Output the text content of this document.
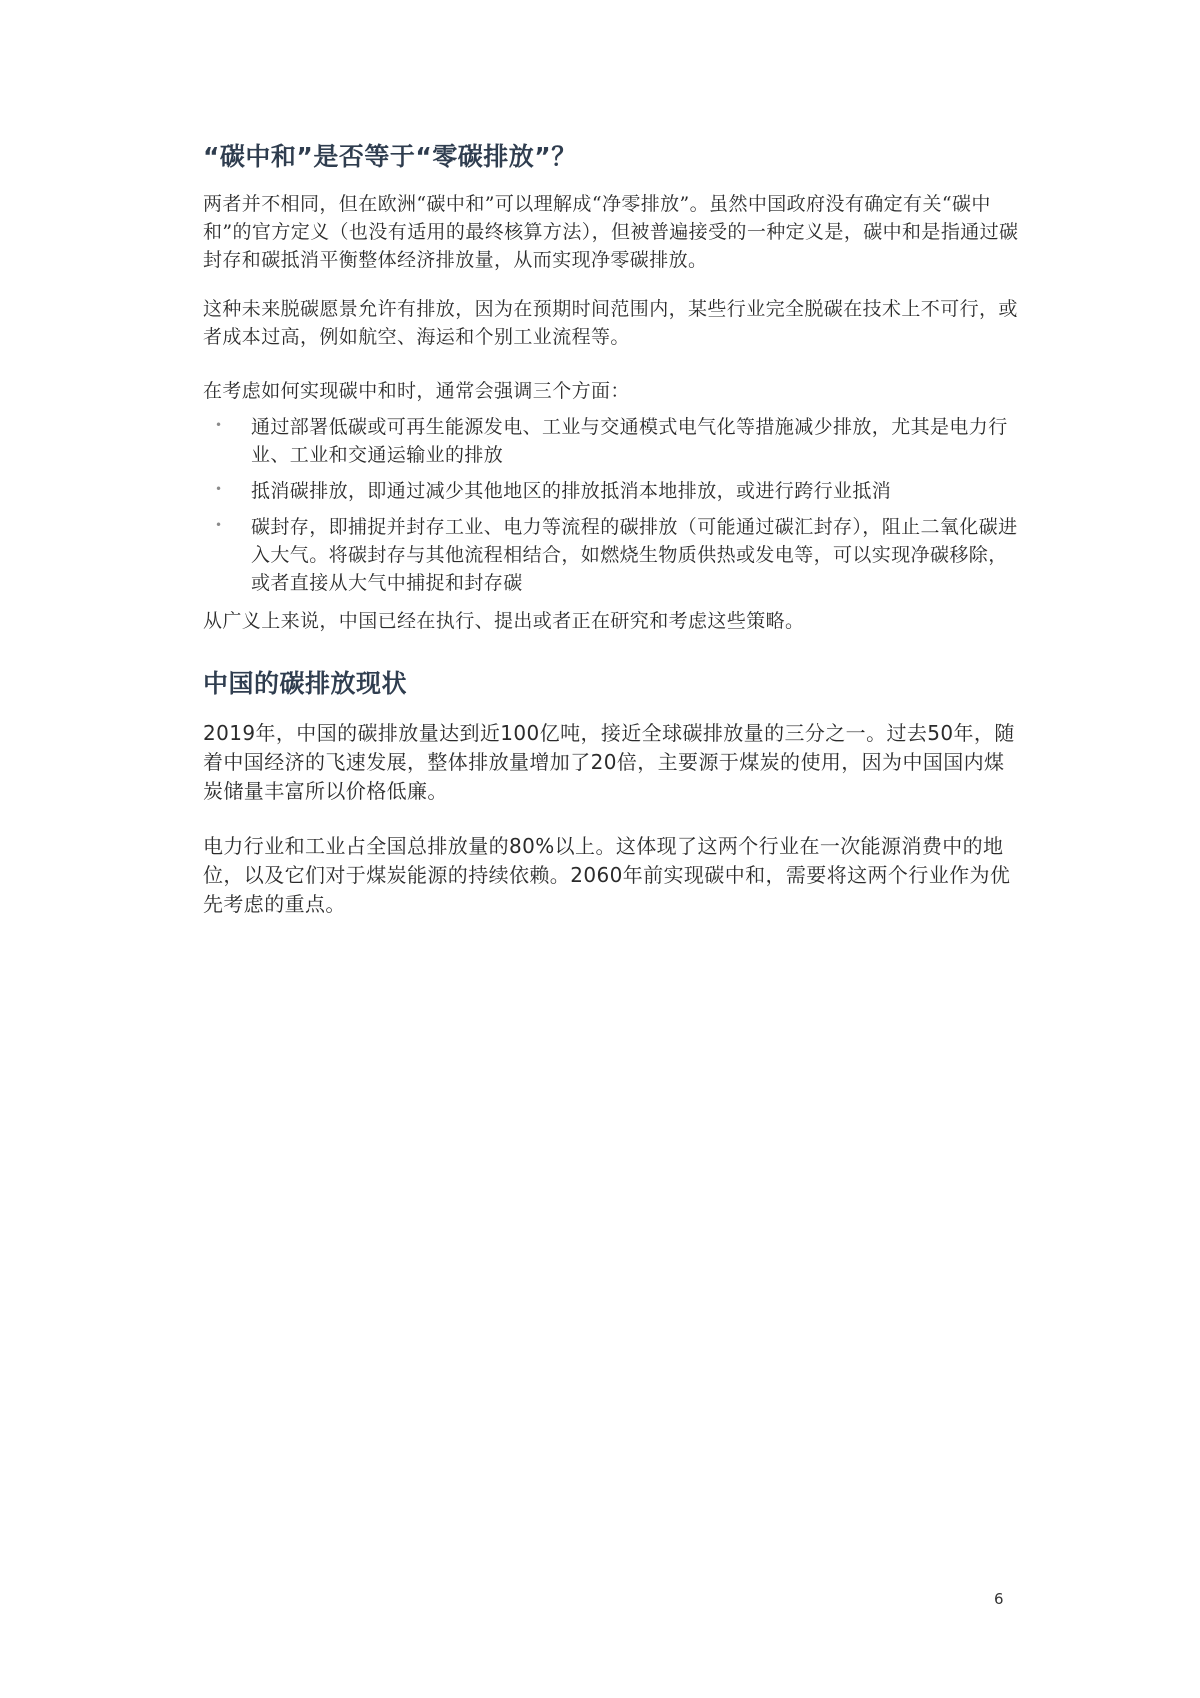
“碳中和”是否等于“零碳排放”？

两者并不相同，但在欧洲“碳中和”可以理解成“净零排放”。虽然中国政府没有确定有关“碳中和”的官方定义（也没有适用的最终核算方法），但被普遍接受的一种定义是，碳中和是指通过碳封存和碳抵消平衡整体经济排放量，从而实现净零碳排放。

这种未来脱碳愿景允许有排放，因为在预期时间范围内，某些行业完全脱碳在技术上不可行，或者成本过高，例如航空、海运和个别工业流程等。

在考虑如何实现碳中和时，通常会强调三个方面：

• 通过部署低碳或可再生能源发电、工业与交通模式电气化等措施减少排放，尤其是电力行业、工业和交通运输业的排放
• 抵消碳排放，即通过减少其他地区的排放抵消本地排放，或进行跨行业抵消
• 碳封存，即捕捉并封存工业、电力等流程的碳排放（可能通过碳汇封存），阻止二氧化碳进入大气。将碳封存与其他流程相结合，如燃烧生物质供热或发电等，可以实现净碳移除，或者直接从大气中捕捉和封存碳

从广义上来说，中国已经在执行、提出或者正在研究和考虑这些策略。

中国的碳排放现状

2019年，中国的碳排放量达到近100亿吨，接近全球碳排放量的三分之一。过去50年，随着中国经济的飞速发展，整体排放量增加了20倍，主要源于煤炭的使用，因为中国国内煤炭储量丰富所以价格低廉。

电力行业和工业占全国总排放量的80%以上。这体现了这两个行业在一次能源消费中的地位，以及它们对于煤炭能源的持续依赖。2060年前实现碳中和，需要将这两个行业作为优先考虑的重点。

6
